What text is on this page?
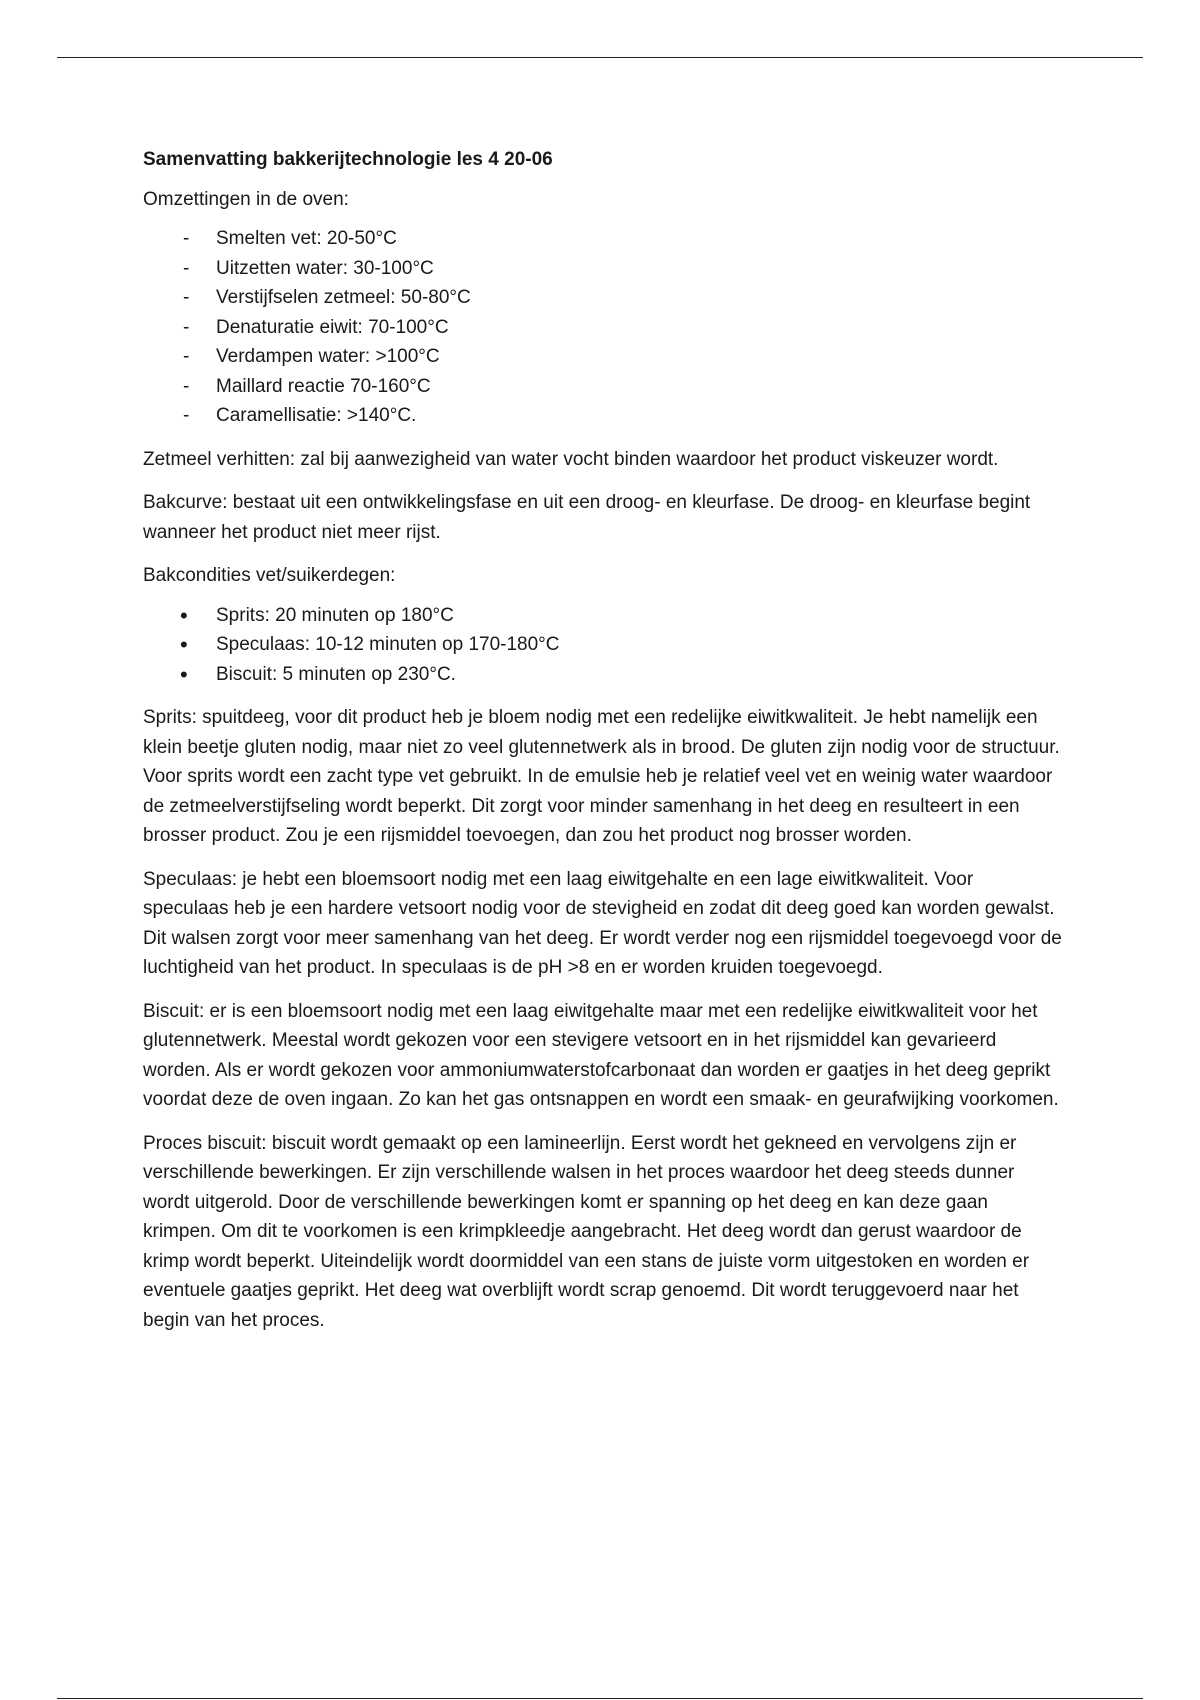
Samenvatting bakkerijtechnologie les 4 20-06

Omzettingen in de oven:

- Smelten vet: 20-50°C
- Uitzetten water: 30-100°C
- Verstijfselen zetmeel: 50-80°C
- Denaturatie eiwit: 70-100°C
- Verdampen water: >100°C
- Maillard reactie 70-160°C
- Caramellisatie: >140°C.

Zetmeel verhitten: zal bij aanwezigheid van water vocht binden waardoor het product viskeuzer wordt.

Bakcurve: bestaat uit een ontwikkelingsfase en uit een droog- en kleurfase. De droog- en kleurfase begint wanneer het product niet meer rijst.

Bakcondities vet/suikerdegen:

• Sprits: 20 minuten op 180°C
• Speculaas: 10-12 minuten op 170-180°C
• Biscuit: 5 minuten op 230°C.

Sprits: spuitdeeg, voor dit product heb je bloem nodig met een redelijke eiwitkwaliteit. Je hebt namelijk een klein beetje gluten nodig, maar niet zo veel glutennetwerk als in brood. De gluten zijn nodig voor de structuur. Voor sprits wordt een zacht type vet gebruikt. In de emulsie heb je relatief veel vet en weinig water waardoor de zetmeelverstijfseling wordt beperkt. Dit zorgt voor minder samenhang in het deeg en resulteert in een brosser product. Zou je een rijsmiddel toevoegen, dan zou het product nog brosser worden.

Speculaas: je hebt een bloemsoort nodig met een laag eiwitgehalte en een lage eiwitkwaliteit. Voor speculaas heb je een hardere vetsoort nodig voor de stevigheid en zodat dit deeg goed kan worden gewalst. Dit walsen zorgt voor meer samenhang van het deeg. Er wordt verder nog een rijsmiddel toegevoegd voor de luchtigheid van het product. In speculaas is de pH >8 en er worden kruiden toegevoegd.

Biscuit: er is een bloemsoort nodig met een laag eiwitgehalte maar met een redelijke eiwitkwaliteit voor het glutennetwerk. Meestal wordt gekozen voor een stevigere vetsoort en in het rijsmiddel kan gevarieerd worden. Als er wordt gekozen voor ammoniumwaterstofcarbonaat dan worden er gaatjes in het deeg geprikt voordat deze de oven ingaan. Zo kan het gas ontsnappen en wordt een smaak- en geurafwijking voorkomen.

Proces biscuit: biscuit wordt gemaakt op een lamineerlijn. Eerst wordt het gekneed en vervolgens zijn er verschillende bewerkingen. Er zijn verschillende walsen in het proces waardoor het deeg steeds dunner wordt uitgerold. Door de verschillende bewerkingen komt er spanning op het deeg en kan deze gaan krimpen. Om dit te voorkomen is een krimpkleedje aangebracht. Het deeg wordt dan gerust waardoor de krimp wordt beperkt. Uiteindelijk wordt doormiddel van een stans de juiste vorm uitgestoken en worden er eventuele gaatjes geprikt. Het deeg wat overblijft wordt scrap genoemd. Dit wordt teruggevoerd naar het begin van het proces.
